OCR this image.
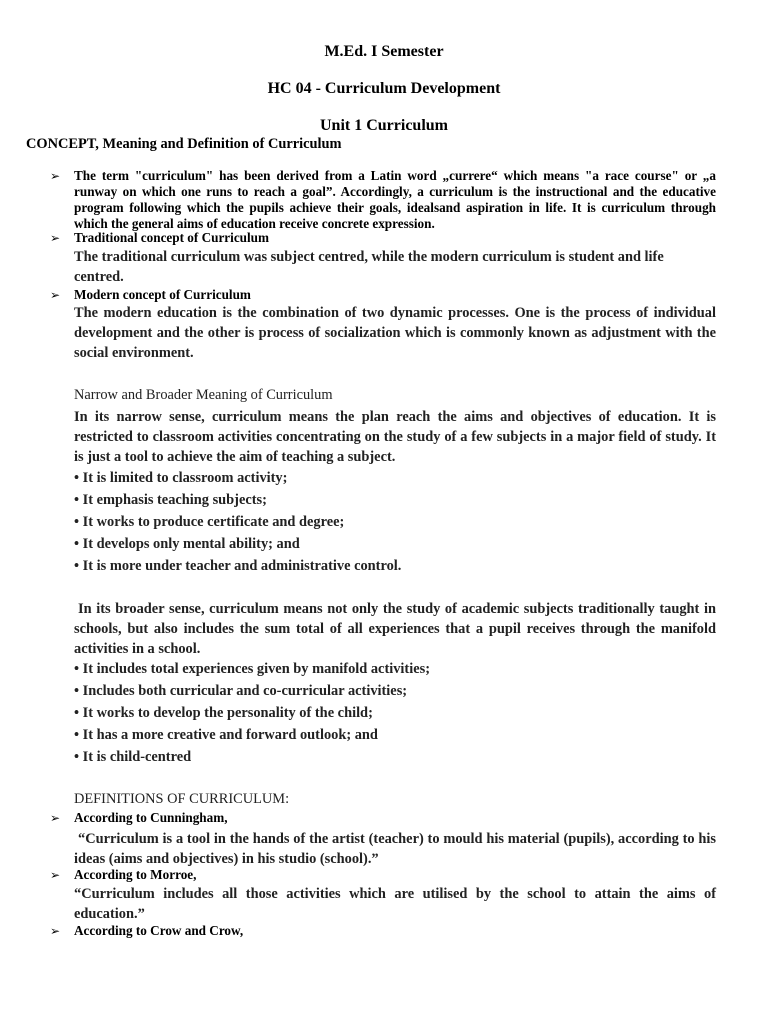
M.Ed. I Semester
HC 04 - Curriculum Development
Unit 1 Curriculum
CONCEPT, Meaning and Definition of Curriculum
➢ The term "curriculum" has been derived from a Latin word „currere“ which means "a race course" or „a runway on which one runs to reach a goal”. Accordingly, a curriculum is the instructional and the educative program following which the pupils achieve their goals, idealsand aspiration in life. It is curriculum through which the general aims of education receive concrete expression.
➢ Traditional concept of Curriculum
The traditional curriculum was subject centred, while the modern curriculum is student and life centred.
➢ Modern concept of Curriculum
The modern education is the combination of two dynamic processes. One is the process of individual development and the other is process of socialization which is commonly known as adjustment with the social environment.
Narrow and Broader Meaning of Curriculum
In its narrow sense, curriculum means the plan reach the aims and objectives of education. It is restricted to classroom activities concentrating on the study of a few subjects in a major field of study. It is just a tool to achieve the aim of teaching a subject.
• It is limited to classroom activity;
• It emphasis teaching subjects;
• It works to produce certificate and degree;
• It develops only mental ability; and
• It is more under teacher and administrative control.
In its broader sense, curriculum means not only the study of academic subjects traditionally taught in schools, but also includes the sum total of all experiences that a pupil receives through the manifold activities in a school.
• It includes total experiences given by manifold activities;
• Includes both curricular and co-curricular activities;
• It works to develop the personality of the child;
• It has a more creative and forward outlook; and
• It is child-centred
DEFINITIONS OF CURRICULUM:
➢ According to Cunningham,
“Curriculum is a tool in the hands of the artist (teacher) to mould his material (pupils), according to his ideas (aims and objectives) in his studio (school).”
➢ According to Morroe,
“Curriculum includes all those activities which are utilised by the school to attain the aims of education.”
➢ According to Crow and Crow,
